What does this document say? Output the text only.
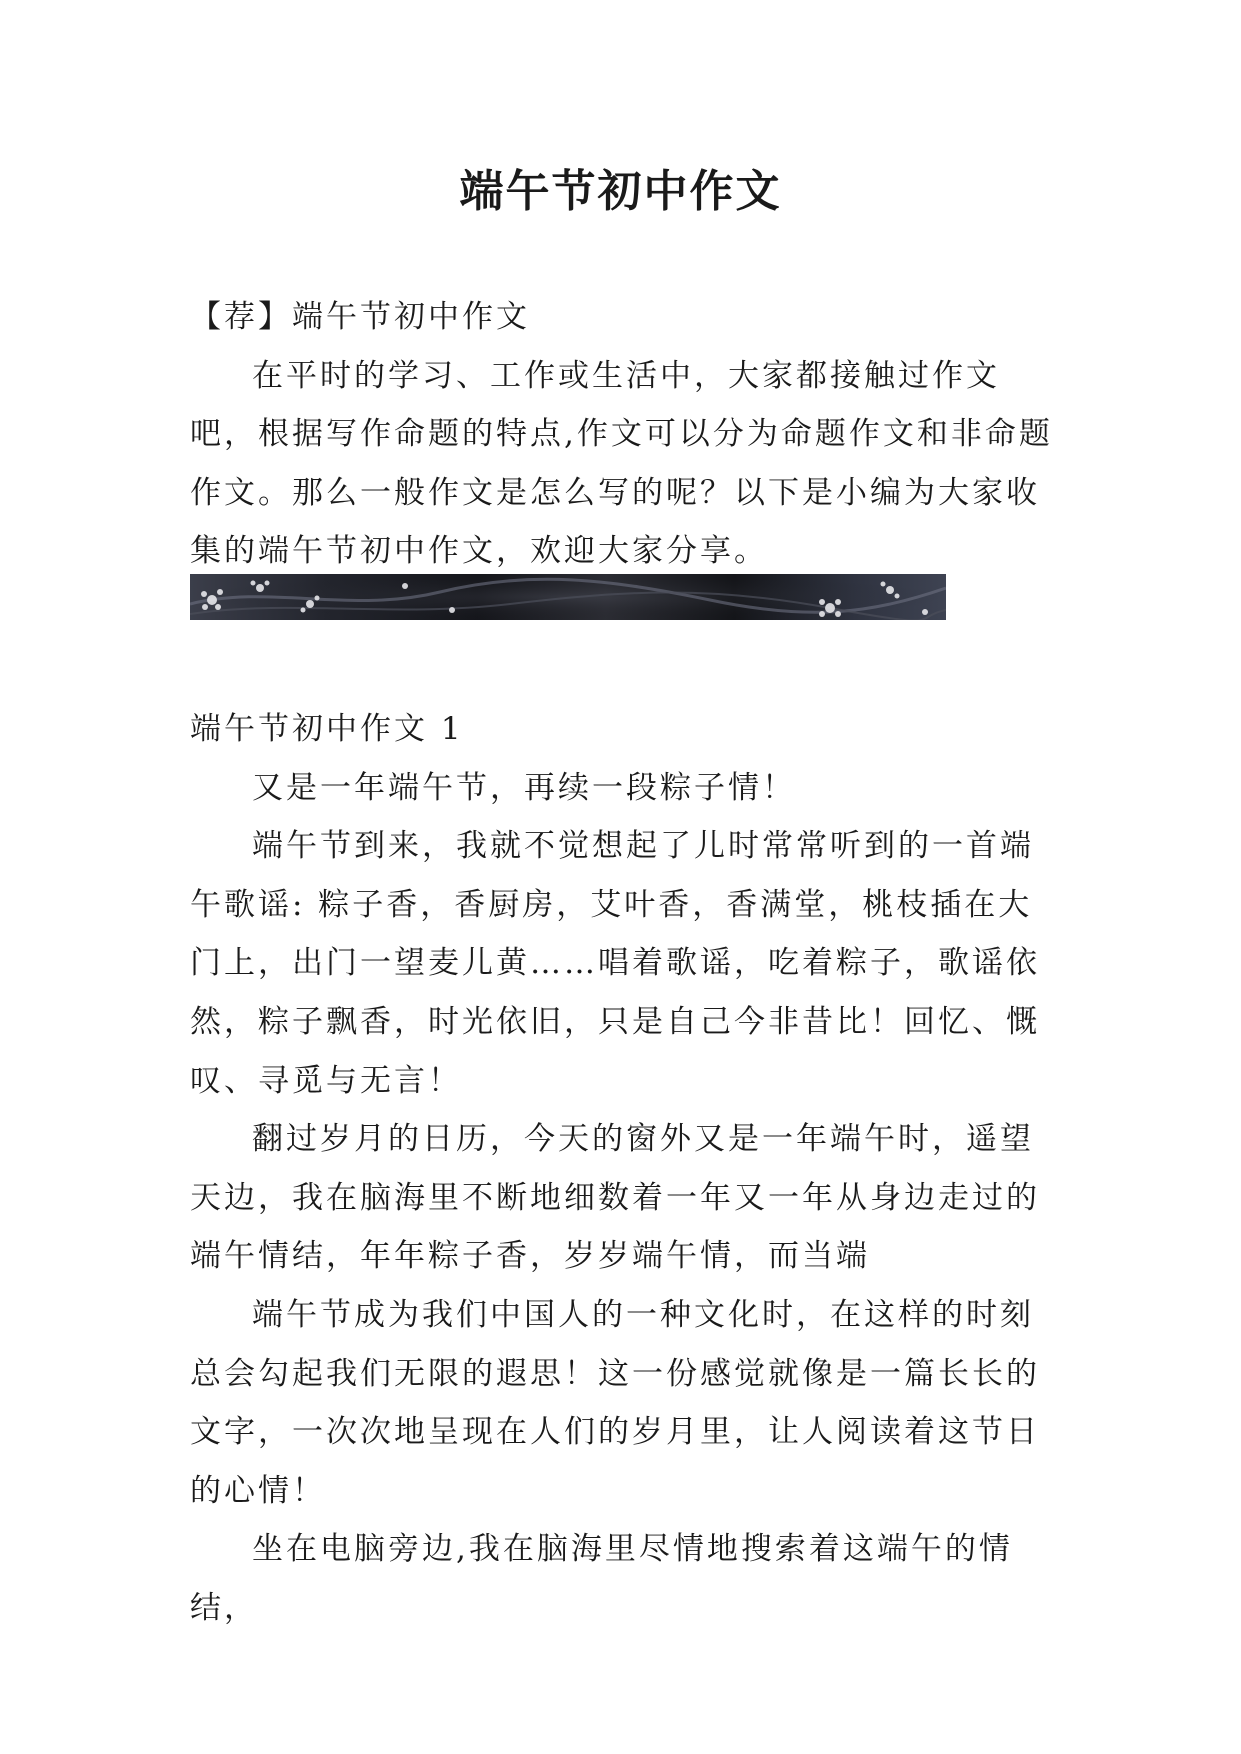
端午节初中作文

【荐】端午节初中作文

在平时的学习、工作或生活中，大家都接触过作文吧，根据写作命题的特点,作文可以分为命题作文和非命题作文。那么一般作文是怎么写的呢？以下是小编为大家收集的端午节初中作文，欢迎大家分享。

端午节初中作文 1

又是一年端午节，再续一段粽子情！

端午节到来，我就不觉想起了儿时常常听到的一首端午歌谣: 粽子香，香厨房，艾叶香，香满堂，桃枝插在大门上，出门一望麦儿黄……唱着歌谣，吃着粽子，歌谣依然，粽子飘香，时光依旧，只是自己今非昔比！回忆、慨叹、寻觅与无言！

翻过岁月的日历，今天的窗外又是一年端午时，遥望天边，我在脑海里不断地细数着一年又一年从身边走过的端午情结，年年粽子香，岁岁端午情，而当端

端午节成为我们中国人的一种文化时，在这样的时刻总会勾起我们无限的遐思！这一份感觉就像是一篇长长的文字，一次次地呈现在人们的岁月里，让人阅读着这节日的心情！

坐在电脑旁边,我在脑海里尽情地搜索着这端午的情结，
